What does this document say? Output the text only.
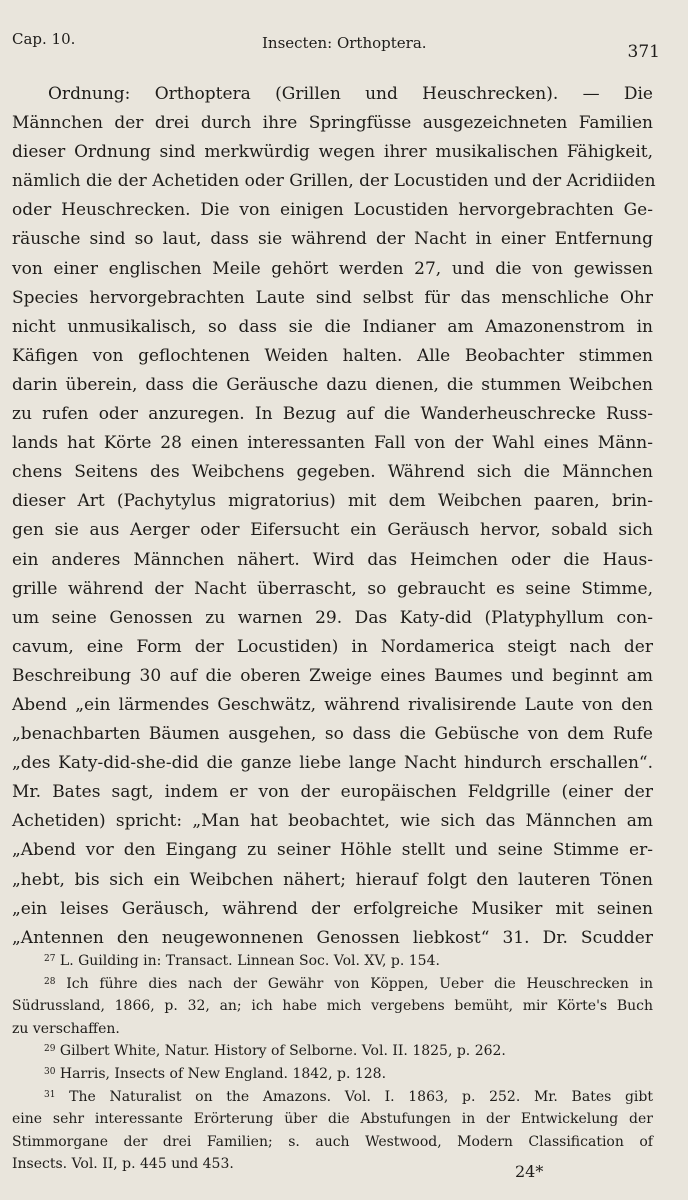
Cap. 10.	Insecten: Orthoptera.	371
Ordnung: Orthoptera (Grillen und Heuschrecken). — Die
Männchen der drei durch ihre Springfüsse ausgezeichneten Familien
dieser Ordnung sind merkwürdig wegen ihrer musikalischen Fähigkeit,
nämlich die der Achetiden oder Grillen, der Locustiden und der Acridiiden
oder Heuschrecken. Die von einigen Locustiden hervorgebrachten Ge-
räusche sind so laut, dass sie während der Nacht in einer Entfernung
von einer englischen Meile gehört werden 27, und die von gewissen
Species hervorgebrachten Laute sind selbst für das menschliche Ohr
nicht unmusikalisch, so dass sie die Indianer am Amazonenstrom in
Käfigen von geflochtenen Weiden halten. Alle Beobachter stimmen
darin überein, dass die Geräusche dazu dienen, die stummen Weibchen
zu rufen oder anzuregen. In Bezug auf die Wanderheuschrecke Russ-
lands hat Körte 28 einen interessanten Fall von der Wahl eines Männ-
chens Seitens des Weibchens gegeben. Während sich die Männchen
dieser Art (Pachytylus migratorius) mit dem Weibchen paaren, brin-
gen sie aus Aerger oder Eifersucht ein Geräusch hervor, sobald sich
ein anderes Männchen nähert. Wird das Heimchen oder die Haus-
grille während der Nacht überrascht, so gebraucht es seine Stimme,
um seine Genossen zu warnen 29. Das Katy-did (Platyphyllum con-
cavum, eine Form der Locustiden) in Nordamerica steigt nach der
Beschreibung 30 auf die oberen Zweige eines Baumes und beginnt am
Abend „ein lärmendes Geschwätz, während rivalisirende Laute von den
„benachbarten Bäumen ausgehen, so dass die Gebüsche von dem Rufe
„des Katy-did-she-did die ganze liebe lange Nacht hindurch erschallen“.
Mr. Bates sagt, indem er von der europäischen Feldgrille (einer der
Achetiden) spricht: „Man hat beobachtet, wie sich das Männchen am
„Abend vor den Eingang zu seiner Höhle stellt und seine Stimme er-
„hebt, bis sich ein Weibchen nähert; hierauf folgt den lauteren Tönen
„ein leises Geräusch, während der erfolgreiche Musiker mit seinen
„Antennen den neugewonnenen Genossen liebkost“ 31. Dr. Scudder
$^{27}$ L. Guilding in: Transact. Linnean Soc. Vol. XV, p. 154.
$^{28}$ Ich führe dies nach der Gewähr von Köppen, Ueber die Heuschrecken in
Südrussland, 1866, p. 32, an; ich habe mich vergebens bemüht, mir Körte's Buch
zu verschaffen.
$^{29}$ Gilbert White, Natur. History of Selborne. Vol. II. 1825, p. 262.
$^{30}$ Harris, Insects of New England. 1842, p. 128.
$^{31}$ The Naturalist on the Amazons. Vol. I. 1863, p. 252. Mr. Bates gibt
eine sehr interessante Erörterung über die Abstufungen in der Entwickelung der
Stimmorgane der drei Familien; s. auch Westwood, Modern Classification of
Insects. Vol. II, p. 445 und 453.	24*
